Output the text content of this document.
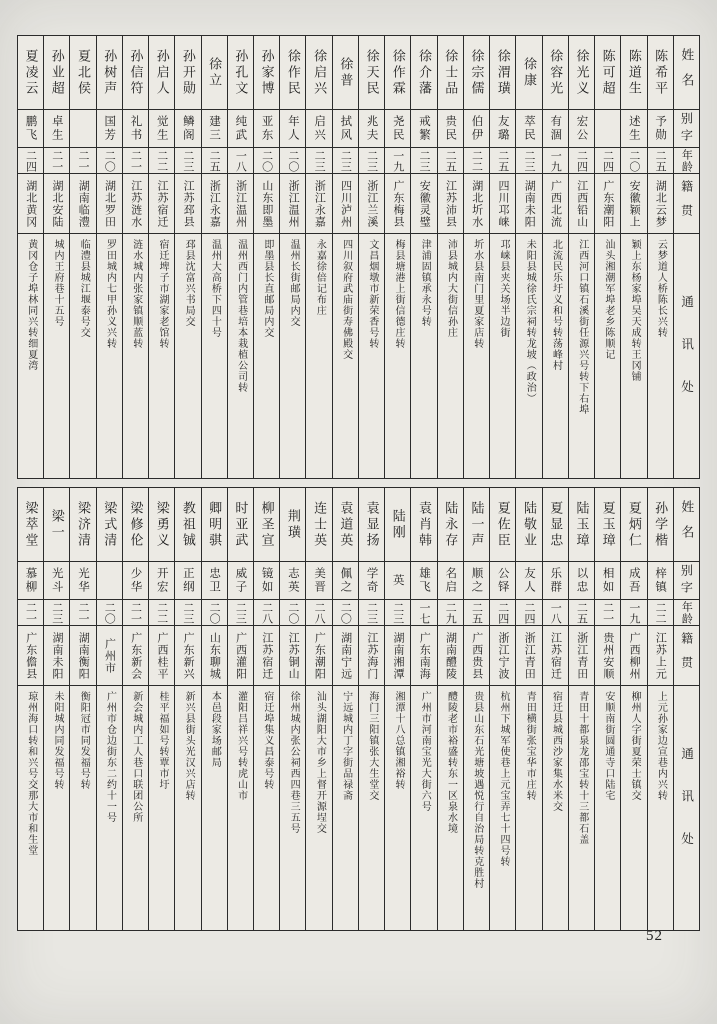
姓名
别字
年龄
籍贯
通讯处
陈希平
予勋
二五
湖北云梦
云梦道人桥陈长兴转
陈道生
述生
二〇
安徽颖上
颖上东杨家埠吴天成转王冈铺
陈可超
二四
广东潮阳
汕头湘潮军埠老乡陈顺记
徐光义
宏公
二四
江西铅山
江西河口镇石溪街任源兴号转下右埠
徐容光
有涸
一九
广西北流
北流民乐圩义和号转荡峰村
徐康
萃民
二三
湖南未阳
未阳县城徐氏宗祠转龙坡（政治）
徐渭璜
友璐
二五
四川邛崃
邛崃县夹关场半边街
徐宗儒
伯伊
二二
湖北圻水
圻水县南门里夏家店转
徐士品
贵民
二五
江苏沛县
沛县城内大街信孙庄
徐介藩
戒繁
二三
安徽灵璧
津浦固镇承永号转
徐作霖
尧民
一九
广东梅县
梅县塘港上街信德庄转
徐天民
兆夫
二三
浙江兰溪
文昌烟墩市新荣香号转
徐普
拭风
二三
四川泸州
四川叙府武庙街寿佛殿交
徐启兴
启兴
二三
浙江永嘉
永嘉徐倍记布庄
徐作民
年人
二〇
浙江温州
温州长街邮局内交
孙家博
亚东
二〇
山东即墨
即墨县长直邮局内交
孙孔文
纯武
一八
浙江温州
温州西门内管巷培本栽植公司转
徐立
建三
二五
浙江永嘉
温州大高桥下四十号
孙开勋
鳞阁
二三
江苏邳县
邳县沈富兴书局交
孙启人
觉生
二二
江苏宿迁
宿迁埤子市湖家老馆转
孙信符
礼书
二一
江苏涟水
涟水城内张家镇顺蓝转
孙树声
国芳
二〇
湖北罗田
罗田城内七甲孙义兴转
夏北侯
二一
湖南临澧
临澧县城江堰泰号交
孙业超
卓生
二一
湖北安陆
城内王府巷十五号
夏凌云
鹏飞
二四
湖北黄冈
黄冈仓子埠林同兴转细夏湾
姓名
别字
年龄
籍贯
通讯处
孙学楷
梓镇
二二
江苏上元
上元孙家边宣巷内兴转
夏炳仁
成吾
一九
广西柳州
柳州人字街夏荣士镇交
夏玉璋
相如
二一
贵州安顺
安顺南街圆通寺口陆宅
陆玉璋
以忠
二五
浙江青田
青田十都泉龙邵宝转十三都石盖
夏显忠
乐群
一八
江苏宿迁
宿迁县城西沙家集水米交
陆敬业
友人
二四
浙江青田
青田横街张宝华市庄转
夏佐臣
公铎
二四
浙江宁波
杭州下城军使巷上元宝弄七十四号转
陆一声
顺之
二五
广西贵县
贵县山东石光塘坡遇悦行自治局转克胜村
陆永存
名启
二九
湖南醴陵
醴陵老市裕盛转东一区泉水境
袁肖韩
雄飞
一七
广东南海
广州市河南宝光大街六号
陆刚
英
二三
湖南湘潭
湘潭十八总镇湘裕转
袁显扬
学奇
二三
江苏海门
海门三阳镇张大生堂交
袁道英
佩之
二〇
湖南宁远
宁远城内丁字街品禄斋
连士英
美晋
二八
广东潮阳
汕头湖阳大市乡上督开源埕交
荆璜
志英
二〇
江苏铜山
徐州城内张公祠西四巷三五号
柳圣宣
镜如
二八
江苏宿迁
宿迁埠集义昌泰号转
时亚武
威子
二三
广西灌阳
灌阳吕祥兴号转虎山市
卿明骐
忠卫
二〇
山东聊城
本邑段家场邮局
教祖铖
正纲
二三
广东新兴
新兴县街头光汉兴店转
梁勇义
开宏
二二
广西桂平
桂平福如号转覃市圩
梁修伦
少华
二一
广东新会
新会城内工人巷口联团公所
梁式清
二〇
广州市
广州市仓边街东二约十一号
梁济清
光华
二一
湖南衡阳
衡阳冠市同发福号转
梁一
光斗
二三
湖南未阳
未阳城内同发福号转
梁萃堂
慕柳
二一
广东儋县
琼州海口转和兴号交那大市和生堂
52
